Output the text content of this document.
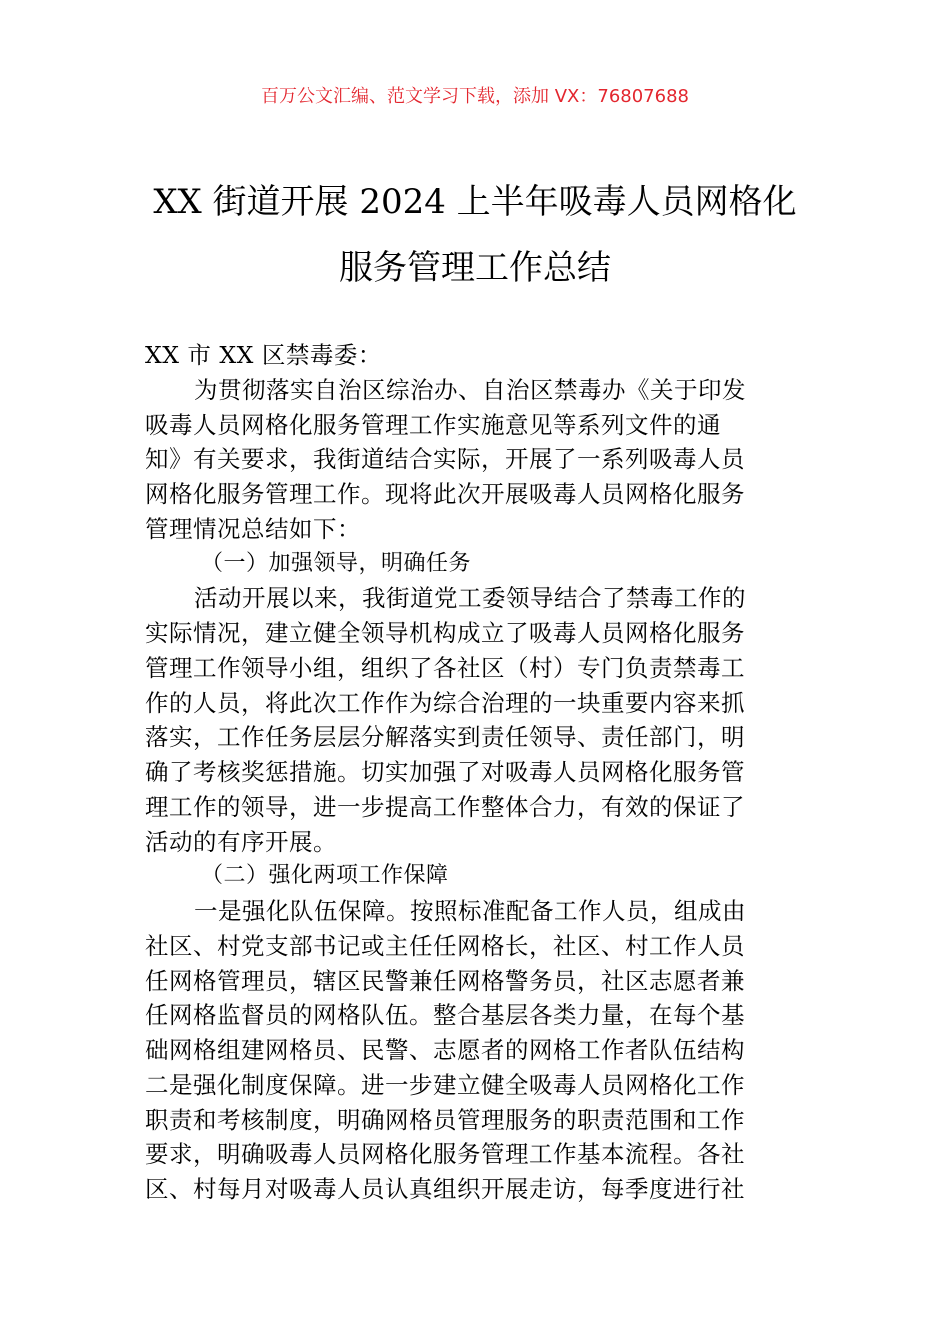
百万公文汇编、范文学习下载，添加 VX：76807688
XX 街道开展 2024 上半年吸毒人员网格化
服务管理工作总结
XX 市 XX 区禁毒委：
为贯彻落实自治区综治办、自治区禁毒办《关于印发
吸毒人员网格化服务管理工作实施意见等系列文件的通
知》有关要求，我街道结合实际，开展了一系列吸毒人员
网格化服务管理工作。现将此次开展吸毒人员网格化服务
管理情况总结如下：
（一）加强领导，明确任务
活动开展以来，我街道党工委领导结合了禁毒工作的
实际情况，建立健全领导机构成立了吸毒人员网格化服务
管理工作领导小组，组织了各社区（村）专门负责禁毒工
作的人员，将此次工作作为综合治理的一块重要内容来抓
落实，工作任务层层分解落实到责任领导、责任部门，明
确了考核奖惩措施。切实加强了对吸毒人员网格化服务管
理工作的领导，进一步提高工作整体合力，有效的保证了
活动的有序开展。
（二）强化两项工作保障
一是强化队伍保障。按照标准配备工作人员，组成由
社区、村党支部书记或主任任网格长，社区、村工作人员
任网格管理员，辖区民警兼任网格警务员，社区志愿者兼
任网格监督员的网格队伍。整合基层各类力量，在每个基
础网格组建网格员、民警、志愿者的网格工作者队伍结构
二是强化制度保障。进一步建立健全吸毒人员网格化工作
职责和考核制度，明确网格员管理服务的职责范围和工作
要求，明确吸毒人员网格化服务管理工作基本流程。各社
区、村每月对吸毒人员认真组织开展走访，每季度进行社
